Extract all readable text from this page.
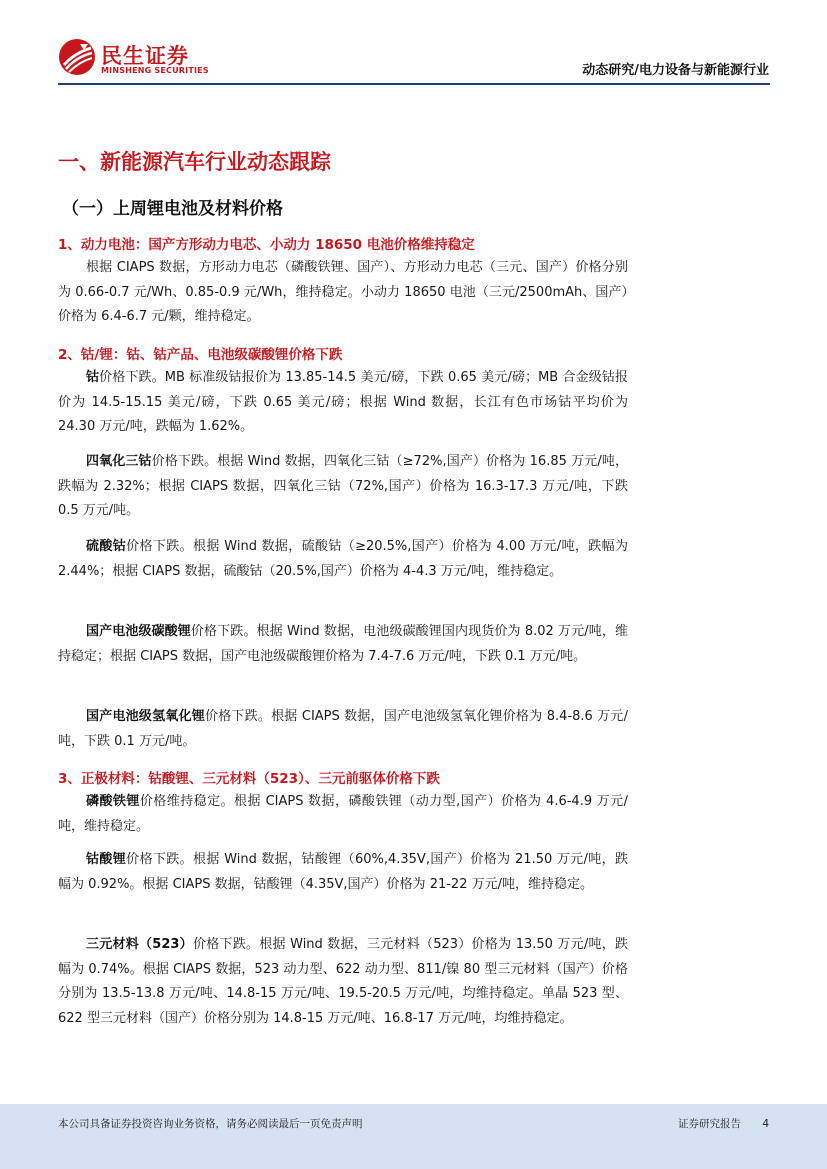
民生证券
MINSHENG SECURITIES	动态研究/电力设备与新能源行业
一、新能源汽车行业动态跟踪
（一）上周锂电池及材料价格
1、动力电池：国产方形动力电芯、小动力 18650 电池价格维持稳定

根据 CIAPS 数据，方形动力电芯（磷酸铁锂、国产）、方形动力电芯（三元、国产）价格分别为 0.66-0.7 元/Wh、0.85-0.9 元/Wh，维持稳定。小动力 18650 电池（三元/2500mAh、国产）价格为 6.4-6.7 元/颗，维持稳定。

2、钴/锂：钴、钴产品、电池级碳酸锂价格下跌

钴价格下跌。MB 标准级钴报价为 13.85-14.5 美元/磅，下跌 0.65 美元/磅；MB 合金级钴报价为 14.5-15.15 美元/磅，下跌 0.65 美元/磅；根据 Wind 数据，长江有色市场钴平均价为 24.30 万元/吨，跌幅为 1.62%。

四氧化三钴价格下跌。根据 Wind 数据，四氧化三钴（≥72%,国产）价格为 16.85 万元/吨，跌幅为 2.32%；根据 CIAPS 数据，四氧化三钴（72%,国产）价格为 16.3-17.3 万元/吨，下跌 0.5 万元/吨。

硫酸钴价格下跌。根据 Wind 数据，硫酸钴（≥20.5%,国产）价格为 4.00 万元/吨，跌幅为 2.44%；根据 CIAPS 数据，硫酸钴（20.5%,国产）价格为 4-4.3 万元/吨，维持稳定。

国产电池级碳酸锂价格下跌。根据 Wind 数据，电池级碳酸锂国内现货价为 8.02 万元/吨，维持稳定；根据 CIAPS 数据，国产电池级碳酸锂价格为 7.4-7.6 万元/吨，下跌 0.1 万元/吨。

国产电池级氢氧化锂价格下跌。根据 CIAPS 数据，国产电池级氢氧化锂价格为 8.4-8.6 万元/吨，下跌 0.1 万元/吨。

3、正极材料：钴酸锂、三元材料（523）、三元前驱体价格下跌

磷酸铁锂价格维持稳定。根据 CIAPS 数据，磷酸铁锂（动力型,国产）价格为 4.6-4.9 万元/吨，维持稳定。

钴酸锂价格下跌。根据 Wind 数据，钴酸锂（60%,4.35V,国产）价格为 21.50 万元/吨，跌幅为 0.92%。根据 CIAPS 数据，钴酸锂（4.35V,国产）价格为 21-22 万元/吨，维持稳定。

三元材料（523）价格下跌。根据 Wind 数据，三元材料（523）价格为 13.50 万元/吨，跌幅为 0.74%。根据 CIAPS 数据，523 动力型、622 动力型、811/镍 80 型三元材料（国产）价格分别为 13.5-13.8 万元/吨、14.8-15 万元/吨、19.5-20.5 万元/吨，均维持稳定。单晶 523 型、622 型三元材料（国产）价格分别为 14.8-15 万元/吨、16.8-17 万元/吨，均维持稳定。

本公司具备证券投资咨询业务资格，请务必阅读最后一页免责声明	证券研究报告 4
